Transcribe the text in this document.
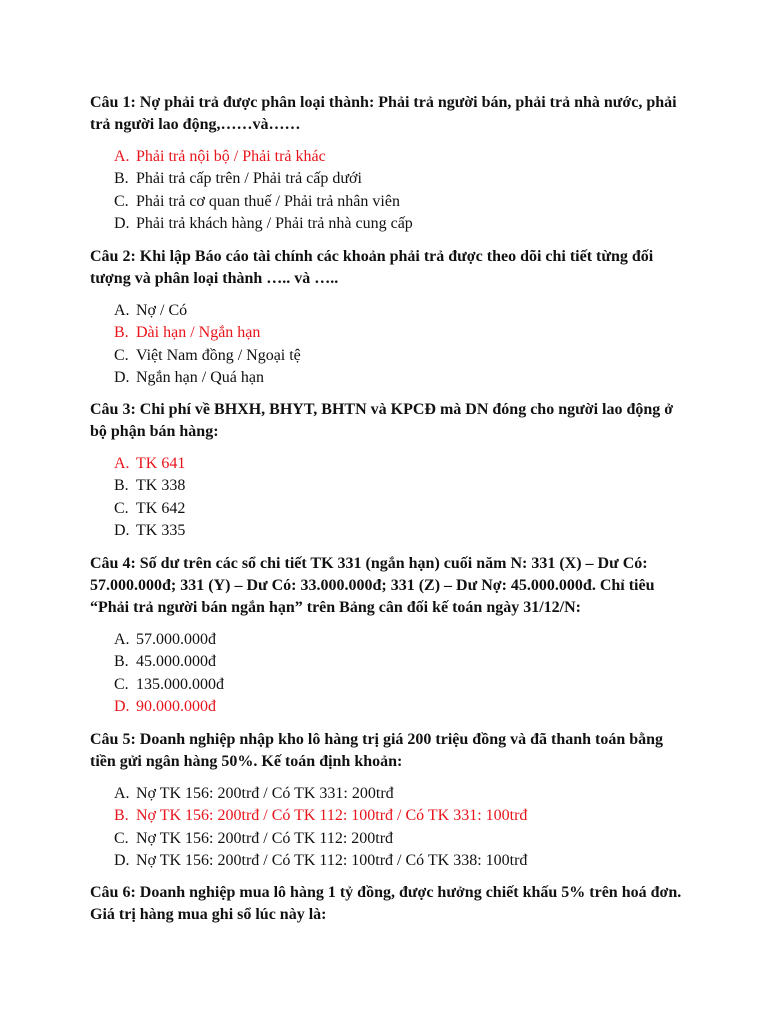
Câu 1: Nợ phải trả được phân loại thành: Phải trả người bán, phải trả nhà nước, phải trả người lao động,……và……

A. Phải trả nội bộ / Phải trả khác
B. Phải trả cấp trên / Phải trả cấp dưới
C. Phải trả cơ quan thuế / Phải trả nhân viên
D. Phải trả khách hàng / Phải trả nhà cung cấp

Câu 2: Khi lập Báo cáo tài chính các khoản phải trả được theo dõi chi tiết từng đối tượng và phân loại thành ….. và …..

A. Nợ / Có
B. Dài hạn / Ngắn hạn
C. Việt Nam đồng / Ngoại tệ
D. Ngắn hạn / Quá hạn

Câu 3: Chi phí về BHXH, BHYT, BHTN và KPCĐ mà DN đóng cho người lao động ở bộ phận bán hàng:

A. TK 641
B. TK 338
C. TK 642
D. TK 335

Câu 4: Số dư trên các sổ chi tiết TK 331 (ngắn hạn) cuối năm N: 331 (X) – Dư Có: 57.000.000đ; 331 (Y) – Dư Có: 33.000.000đ; 331 (Z) – Dư Nợ: 45.000.000đ. Chỉ tiêu “Phải trả người bán ngắn hạn” trên Bảng cân đối kế toán ngày 31/12/N:

A. 57.000.000đ
B. 45.000.000đ
C. 135.000.000đ
D. 90.000.000đ

Câu 5: Doanh nghiệp nhập kho lô hàng trị giá 200 triệu đồng và đã thanh toán bằng tiền gửi ngân hàng 50%. Kế toán định khoản:

A. Nợ TK 156: 200trđ / Có TK 331: 200trđ
B. Nợ TK 156: 200trđ / Có TK 112: 100trđ / Có TK 331: 100trđ
C. Nợ TK 156: 200trđ / Có TK 112: 200trđ
D. Nợ TK 156: 200trđ / Có TK 112: 100trđ / Có TK 338: 100trđ

Câu 6: Doanh nghiệp mua lô hàng 1 tỷ đồng, được hưởng chiết khấu 5% trên hoá đơn. Giá trị hàng mua ghi sổ lúc này là:
